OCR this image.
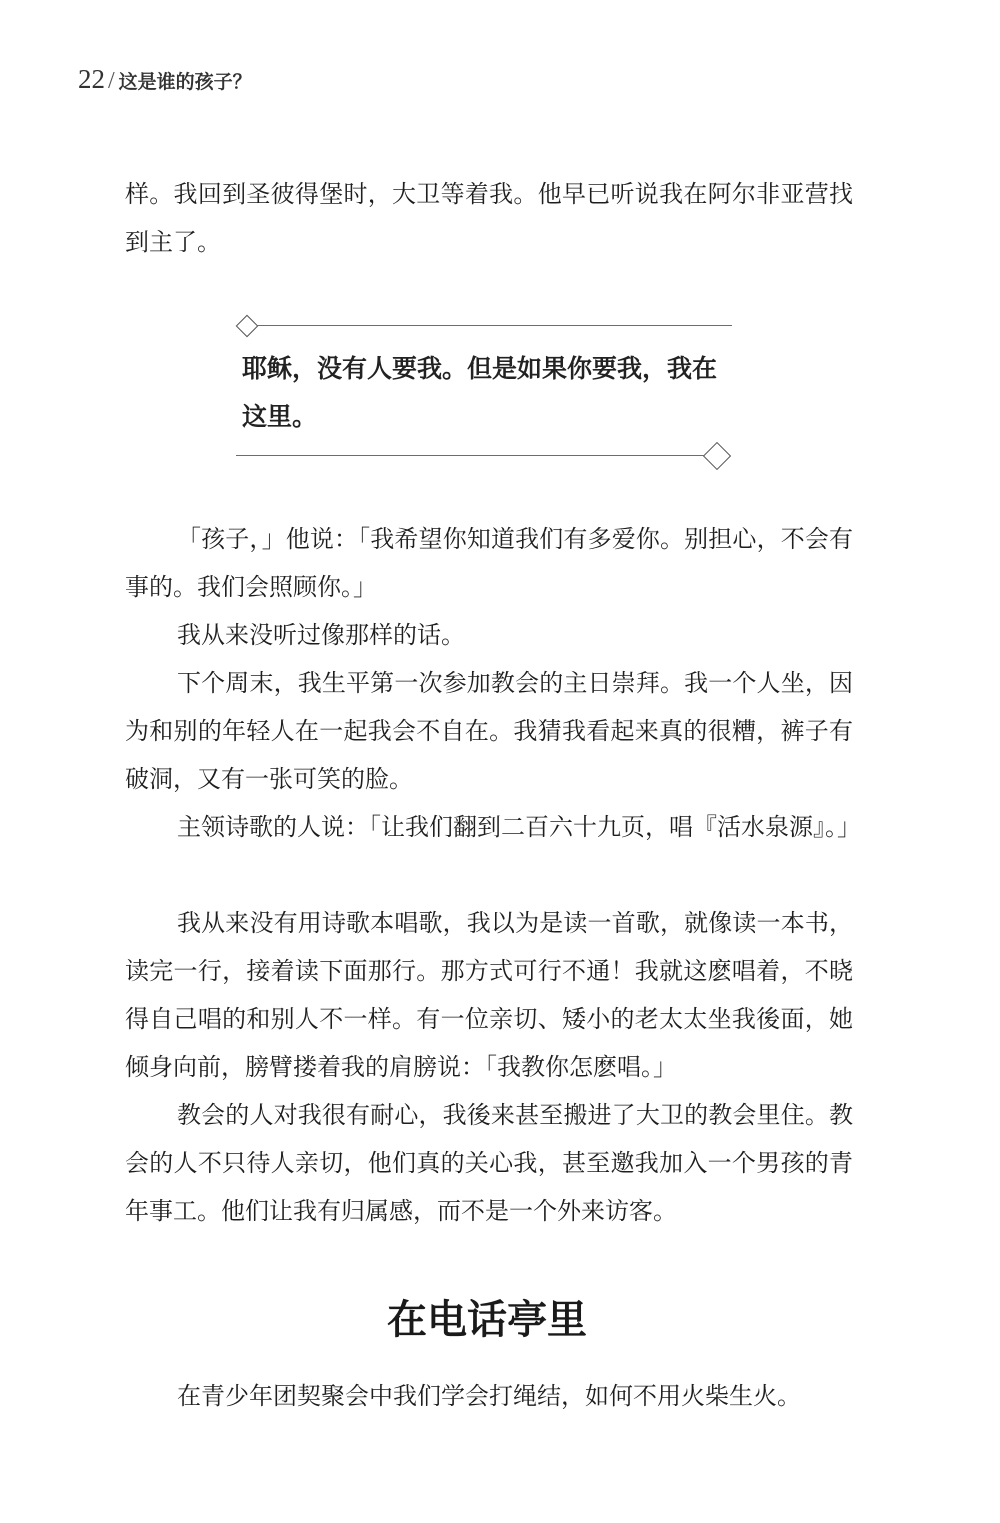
22 / 这是谁的孩子？

样。我回到圣彼得堡时，大卫等着我。他早已听说我在阿尔非亚营找到主了。

耶稣，没有人要我。但是如果你要我，我在这里。

「孩子，」他说：「我希望你知道我们有多爱你。别担心，不会有事的。我们会照顾你。」

我从来没听过像那样的话。

下个周末，我生平第一次参加教会的主日崇拜。我一个人坐，因为和别的年轻人在一起我会不自在。我猜我看起来真的很糟，裤子有破洞，又有一张可笑的脸。

主领诗歌的人说：「让我们翻到二百六十九页，唱『活水泉源』。」

我从来没有用诗歌本唱歌，我以为是读一首歌，就像读一本书，读完一行，接着读下面那行。那方式可行不通！我就这麽唱着，不晓得自己唱的和别人不一样。有一位亲切、矮小的老太太坐我後面，她倾身向前，膀臂搂着我的肩膀说：「我教你怎麽唱。」

教会的人对我很有耐心，我後来甚至搬进了大卫的教会里住。教会的人不只待人亲切，他们真的关心我，甚至邀我加入一个男孩的青年事工。他们让我有归属感，而不是一个外来访客。

在电话亭里

在青少年团契聚会中我们学会打绳结，如何不用火柴生火。
